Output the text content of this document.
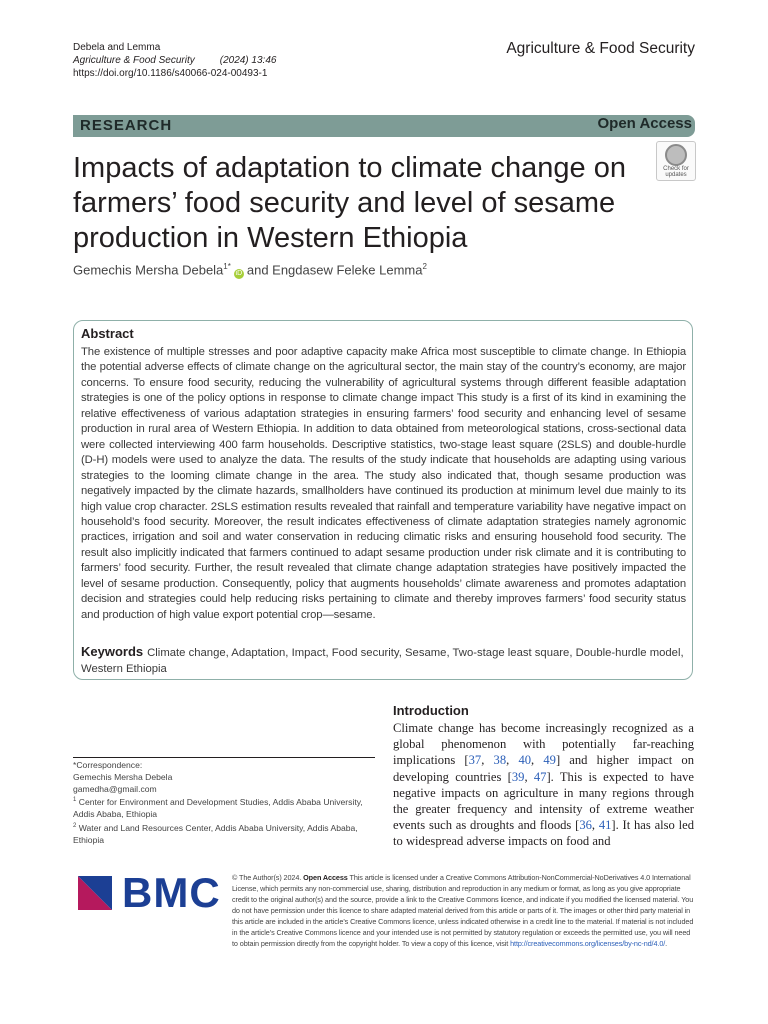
Debela and Lemma
Agriculture & Food Security	(2024) 13:46
https://doi.org/10.1186/s40066-024-00493-1
Agriculture & Food Security
RESEARCH	Open Access
Impacts of adaptation to climate change on farmers’ food security and level of sesame production in Western Ethiopia
Check for
updates
Gemechis Mersha Debela$^{1*}$iD and Engdasew Feleke Lemma$^2$
Abstract
The existence of multiple stresses and poor adaptive capacity make Africa most susceptible to climate change. In Ethiopia the potential adverse effects of climate change on the agricultural sector, the main stay of the country’s economy, are major concerns. To ensure food security, reducing the vulnerability of agricultural systems through different feasible adaptation strategies is one of the policy options in response to climate change impact This study is a first of its kind in examining the relative effectiveness of various adaptation strategies in ensuring farmers’ food security and enhancing level of sesame production in rural area of Western Ethiopia. In addition to data obtained from meteorological stations, cross-sectional data were collected interviewing 400 farm households. Descriptive statistics, two-stage least square (2SLS) and double-hurdle (D-H) models were used to analyze the data. The results of the study indicate that households are adapting using various strategies to the looming climate change in the area. The study also indicated that, though sesame production was negatively impacted by the climate hazards, smallholders have continued its production at minimum level due mainly to its high value crop character. 2SLS estimation results revealed that rainfall and temperature variability have negative impact on household’s food security. Moreover, the result indicates effectiveness of climate adaptation strategies namely agronomic practices, irrigation and soil and water conservation in reducing climatic risks and ensuring household food security. The result also implicitly indicated that farmers continued to adapt sesame production under risk climate and it is contributing to farmers’ food security. Further, the result revealed that climate change adaptation strategies have positively impacted the level of sesame production. Consequently, policy that augments households’ climate awareness and promotes adaptation decision and strategies could help reducing risks pertaining to climate and thereby improves farmers’ food security status and production of high value export potential crop—sesame.
Keywords Climate change, Adaptation, Impact, Food security, Sesame, Two-stage least square, Double-hurdle model, Western Ethiopia
Introduction
Climate change has become increasingly recognized as a global phenomenon with potentially far-reaching implications [37, 38, 40, 49] and higher impact on developing countries [39, 47]. This is expected to have negative impacts on agriculture in many regions through the greater frequency and intensity of extreme weather events such as droughts and floods [36, 41]. It has also led to widespread adverse impacts on food and
*Correspondence:
Gemechis Mersha Debela
gamedha@gmail.com
$^1$ Center for Environment and Development Studies, Addis Ababa University, Addis Ababa, Ethiopia
$^2$ Water and Land Resources Center, Addis Ababa University, Addis Ababa, Ethiopia
BMC © The Author(s) 2024. Open Access This article is licensed under a Creative Commons Attribution-NonCommercial-NoDerivatives 4.0 International License, which permits any non-commercial use, sharing, distribution and reproduction in any medium or format, as long as you give appropriate credit to the original author(s) and the source, provide a link to the Creative Commons licence, and indicate if you modified the licensed material. You do not have permission under this licence to share adapted material derived from this article or parts of it. The images or other third party material in this article are included in the article’s Creative Commons licence, unless indicated otherwise in a credit line to the material. If material is not included in the article’s Creative Commons licence and your intended use is not permitted by statutory regulation or exceeds the permitted use, you will need to obtain permission directly from the copyright holder. To view a copy of this licence, visit http://creativecommons.org/licenses/by-nc-nd/4.0/.
